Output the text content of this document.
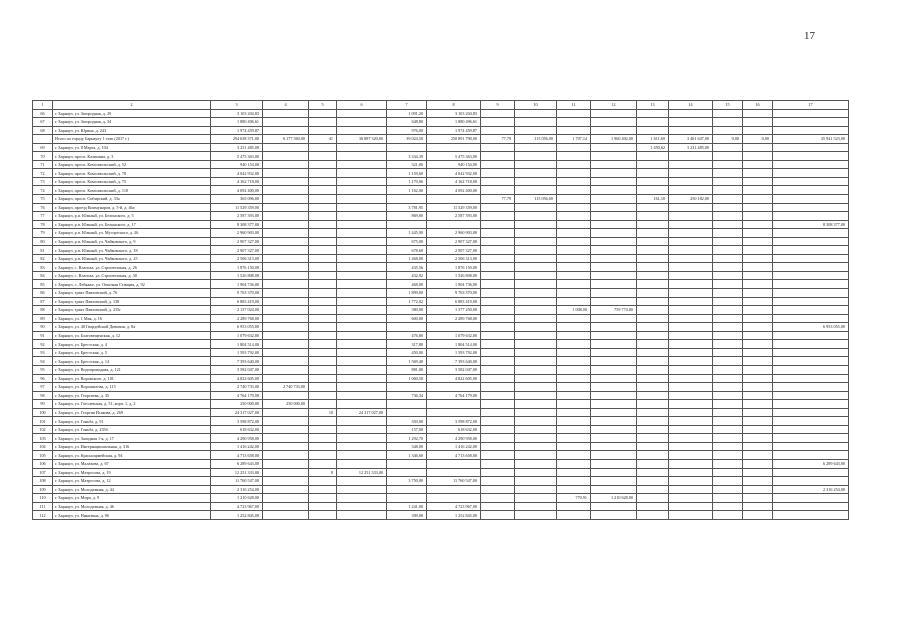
17
1	2	3	4	5	6	7	8	9	10	11	12	13	14	15	16	17
66	г. Барнаул, ул. Загородная, д. 29	3 103 204,83				1 091,20	3 103 204,83									
67	г. Барнаул, ул. Загородная, д. 34	1 880 496,61				648,80	1 880 496,61									
68	г. Барнаул, ул. Юрина, д. 243	1 974 459,87				976,00	1 974 459,87									
	Итого по городу Барнаулу 1 этап (2017 г.)	294 638 371,00	6 177 560,00	41	36 887 320,00	39 024,50	250 891 790,00	77,79	115 056,00	1 707,14	1 960 402,00	1 611,69	3 461 647,00	0,00	0,00	35 941 523,00
69	г. Барнаул, ул. 8 Марта, д. 104	3 231 485,00										1 450,62	3 231 485,00			
70	г. Барнаул, просп. Калинина, д. 3	5 475 363,00				3 334,39	5 475 363,00									
71	г. Барнаул, просп. Комсомольский, д. 52	940 154,00				321,00	940 154,00									
72	г. Барнаул, просп. Комсомольский, д. 78	4 042 932,00				1 159,60	4 042 932,00									
73	г. Барнаул, просп. Комсомольский, д. 75	4 162 718,00				1 170,06	4 162 718,00									
74	г. Барнаул, просп. Комсомольский, д. 110	4 092 400,00				1 162,00	4 092 400,00									
75	г. Барнаул, просп. Сибирский, д. 33а	365 096,00						77,79	115 056,00			161,18	250 182,00			
76	г. Барнаул, проезд Коммунаров, д. 5-й, д. 46а	11 529 359,00				3 781,95	11 529 359,00									
77	г. Барнаул, р.п. Южный, ул. Белинского, д. 5	2 587 393,00				869,00	2 587 393,00									
78	г. Барнаул, р.п. Южный, ул. Белинского, д. 17	8 308 377,00														8 308 377,00
79	г. Барнаул, р.п. Южный, ул. Мусоргского, д. 26	2 960 903,00				1 445,90	2 960 903,00									
80	г. Барнаул, р.п. Южный, ул. Чайковского, д. 9	2 907 327,00				675,00	2 907 327,00									
81	г. Барнаул, р.п. Южный, ул. Чайковского, д. 18	2 907 327,00				678,60	2 907 327,00									
82	г. Барнаул, р.п. Южный, ул. Чайковского, д. 25	2 506 313,00				1 468,00	2 506 313,00									
83	г. Барнаул, с. Власиха, ул. Строительная, д. 26	1 876 150,00				435,56	1 876 150,00									
84	г. Барнаул, с. Власиха, ул. Строительная, д. 30	1 526 808,00				432,92	1 526 808,00									
85	г. Барнаул, с. Лебяжье, ул. Опытная Станция, д. 92	1 904 736,00				468,00	1 904 736,00									
86	г. Барнаул, тракт Павловский, д. 76	9 763 370,00				1 899,00	9 763 370,00									
87	г. Барнаул, тракт Павловский, д. 138	6 883 419,00				1 772,02	6 883 419,00									
88	г. Барнаул, тракт Павловский, д. 235г	2 137 024,00				380,00	1 377 250,00			1 008,00	759 774,00					
89	г. Барнаул, ул. 1 Мая, д. 16	2 289 768,00				600,00	2 289 768,00									
90	г. Барнаул, ул. 40 Гвардейской Дивизии, д. 8а	6 953 055,00														6 953 055,00
91	г. Барнаул, ул. Благовещенская, д. 12	1 079 632,00				476,80	1 079 632,00									
92	г. Барнаул, ул. Брестская, д. 4	1 804 514,00				317,80	1 804 514,00									
93	г. Барнаул, ул. Брестская, д. 5	1 593 792,00				450,00	1 593 792,00									
94	г. Барнаул, ул. Брестская, д. 14	7 393 640,00				1 569,40	7 393 640,00									
95	г. Барнаул, ул. Водопроводная, д. 121	3 582 047,00				881,00	3 582 047,00									
96	г. Барнаул, ул. Воровского, д. 101	4 822 605,00				1 060,50	4 822 605,00									
97	г. Барнаул, ул. Ворошилова, д. 115	2 740 733,00	2 740 733,00													
98	г. Барнаул, ул. Георгиева, д. 35	4 764 179,00				736,34	4 764 179,00									
99	г. Барнаул, ул. Гоголевская, д. 51, корп. 1, д. 2	250 000,00	250 000,00													
100	г. Барнаул, ул. Георгия Исакова, д. 269	24 317 027,00		10	24 317 027,00											
101	г. Барнаул, ул. Гоньба, д. 91	3 598 872,00				350,00	3 598 872,00									
102	г. Барнаул, ул. Гоньба, д. 235б	618 632,00				157,00	618 632,00									
103	г. Барнаул, ул. Западная 1-я, д. 17	4 290 958,00				1 292,70	4 290 958,00									
104	г. Барнаул, ул. Интернациональная, д. 316	1 416 242,00				348,00	1 416 242,00									
105	г. Барнаул, ул. Красноармейская, д. 94	4 713 658,00				1 346,60	4 713 658,00									
106	г. Барнаул, ул. Малахова, д. 67	6 289 643,00														6 289 643,00
107	г. Барнаул, ул. Матросова, д. 19	12 251 333,00		8	12 251 333,00											
108	г. Барнаул, ул. Матросова, д. 12	11 760 547,00				3 750,00	11 760 547,00									
109	г. Барнаул, ул. Молодежная, д. 44	2 316 254,00														2 316 254,00
110	г. Барнаул, ул. Мира, д. 9	1 210 628,00								770,91	1 210 628,00					
111	г. Барнаул, ул. Молодежная, д. 46	4 723 967,00				1 241,00	4 723 967,00									
112	г. Барнаул, ул. Никитина, д. 96	1 252 845,00				399,00	1 252 845,00									
